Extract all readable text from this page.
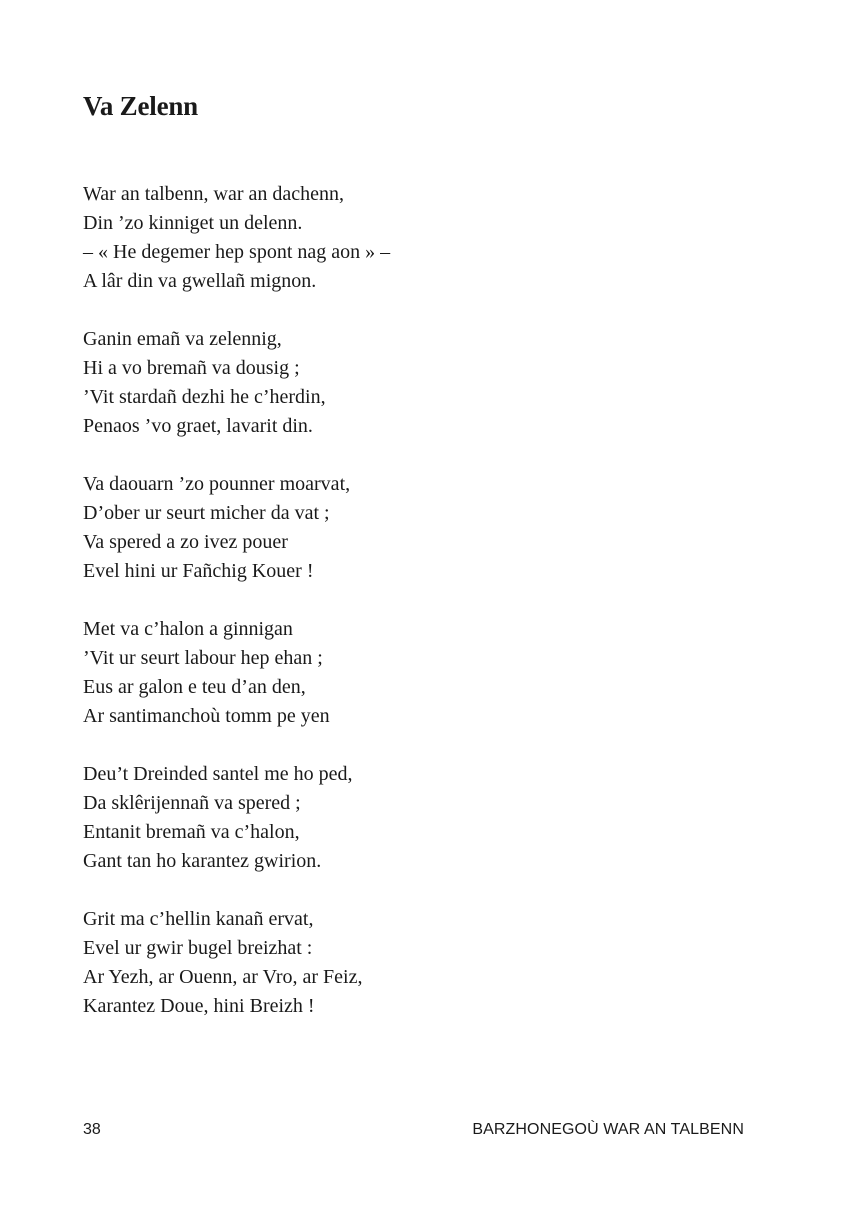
Va Zelenn
War an talbenn, war an dachenn,
Din ’zo kinniget un delenn.
– « He degemer hep spont nag aon » –
A lâr din va gwellañ mignon.
Ganin emañ va zelennig,
Hi a vo bremañ va dousig ;
’Vit stardañ dezhi he c’herdin,
Penaos ’vo graet, lavarit din.
Va daouarn ’zo pounner moarvat,
D’ober ur seurt micher da vat ;
Va spered a zo ivez pouer
Evel hini ur Fañchig Kouer !
Met va c’halon a ginnigan
’Vit ur seurt labour hep ehan ;
Eus ar galon e teu d’an den,
Ar santimanchoù tomm pe yen
Deu’t Dreinded santel me ho ped,
Da sklêrijennañ va spered ;
Entanit bremañ va c’halon,
Gant tan ho karantez gwirion.
Grit ma c’hellin kanañ ervat,
Evel ur gwir bugel breizhat :
Ar Yezh, ar Ouenn, ar Vro, ar Feiz,
Karantez Doue, hini Breizh !
38	BARZHONEGOÙ WAR AN TALBENN
